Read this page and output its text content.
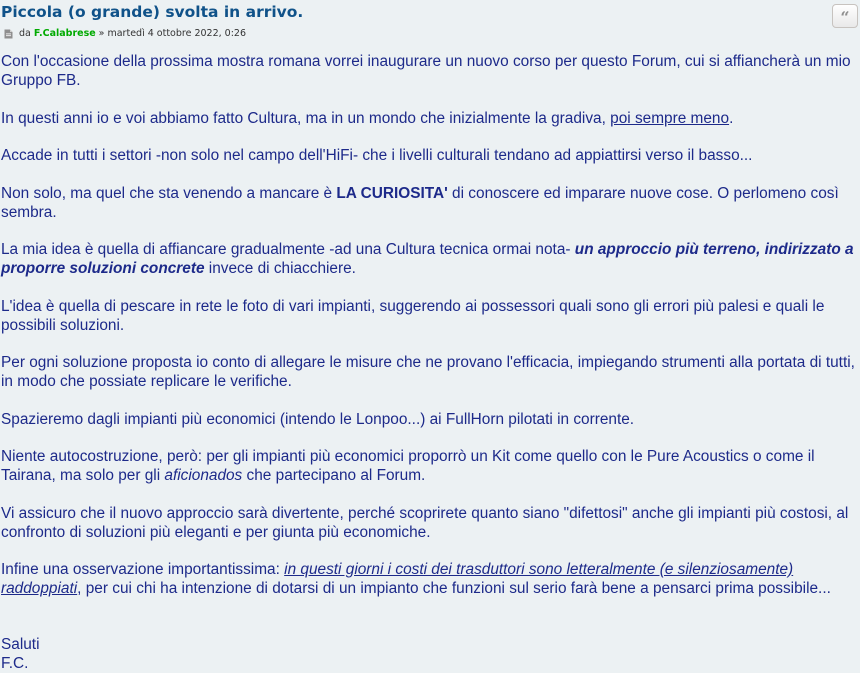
Piccola (o grande) svolta in arrivo.	“
da
F.Calabrese » martedì 4 ottobre 2022, 0:26

Con l'occasione della prossima mostra romana vorrei inaugurare un nuovo corso per questo Forum, cui si affiancherà un mio Gruppo FB.

In questi anni io e voi abbiamo fatto Cultura, ma in un mondo che inizialmente la gradiva, poi sempre meno.

Accade in tutti i settori -non solo nel campo dell'HiFi- che i livelli culturali tendano ad appiattirsi verso il basso...

Non solo, ma quel che sta venendo a mancare è LA CURIOSITA' di conoscere ed imparare nuove cose. O perlomeno così sembra.

La mia idea è quella di affiancare gradualmente -ad una Cultura tecnica ormai nota- un approccio più terreno, indirizzato a proporre soluzioni concrete invece di chiacchiere.

L'idea è quella di pescare in rete le foto di vari impianti, suggerendo ai possessori quali sono gli errori più palesi e quali le possibili soluzioni.

Per ogni soluzione proposta io conto di allegare le misure che ne provano l'efficacia, impiegando strumenti alla portata di tutti, in modo che possiate replicare le verifiche.

Spazieremo dagli impianti più economici (intendo le Lonpoo...) ai FullHorn pilotati in corrente.

Niente autocostruzione, però: per gli impianti più economici proporrò un Kit come quello con le Pure Acoustics o come il Tairana, ma solo per gli aficionados che partecipano al Forum.

Vi assicuro che il nuovo approccio sarà divertente, perché scoprirete quanto siano "difettosi" anche gli impianti più costosi, al confronto di soluzioni più eleganti e per giunta più economiche.

Infine una osservazione importantissima: in questi giorni i costi dei trasduttori sono letteralmente (e silenziosamente) raddoppiati, per cui chi ha intenzione di dotarsi di un impianto che funzioni sul serio farà bene a pensarci prima possibile...

Saluti
F.C.
